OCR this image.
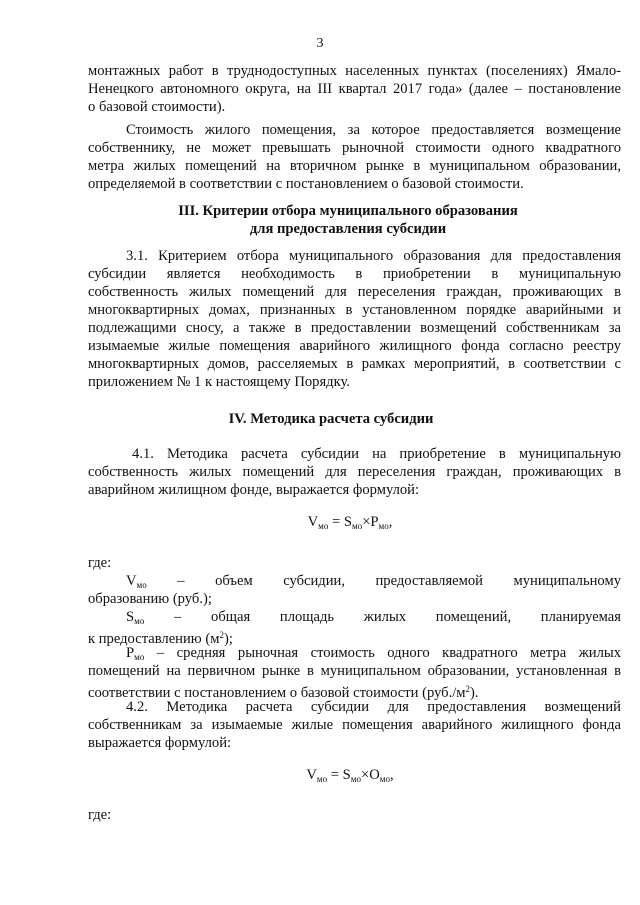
3
монтажных работ в труднодоступных населенных пунктах (поселениях) Ямало-
Ненецкого автономного округа, на III квартал 2017 года» (далее – постановление
о базовой стоимости).
Стоимость жилого помещения, за которое предоставляется возмещение
собственнику, не может превышать рыночной стоимости одного квадратного
метра жилых помещений на вторичном рынке в муниципальном образовании,
определяемой в соответствии с постановлением о базовой стоимости.
III. Критерии отбора муниципального образования
для предоставления субсидии
3.1. Критерием отбора муниципального образования для предоставления
субсидии является необходимость в приобретении в муниципальную
собственность жилых помещений для переселения граждан, проживающих в
многоквартирных домах, признанных в установленном порядке аварийными и
подлежащими сносу, а также в предоставлении возмещений собственникам за
изымаемые жилые помещения аварийного жилищного фонда согласно реестру
многоквартирных домов, расселяемых в рамках мероприятий, в соответствии с
приложением № 1 к настоящему Порядку.
IV. Методика расчета субсидии
4.1. Методика расчета субсидии на приобретение в муниципальную
собственность жилых помещений для переселения граждан, проживающих в
аварийном жилищном фонде, выражается формулой:
$V_{мо} = S_{мо}\times P_{мо}$,
где:
$V_{мо}$ – объем субсидии, предоставляемой муниципальному
образованию (руб.);
$S_{мо}$ – общая площадь жилых помещений, планируемая
к предоставлению $(м^2)$;
$P_{мо}$ – средняя рыночная стоимость одного квадратного метра жилых
помещений на первичном рынке в муниципальном образовании, установленная в
соответствии с постановлением о базовой стоимости $(руб./м^2)$.
4.2. Методика расчета субсидии для предоставления возмещений
собственникам за изымаемые жилые помещения аварийного жилищного фонда
выражается формулой:
$V_{мо} = S_{мо}\times O_{мо}$,
где:
